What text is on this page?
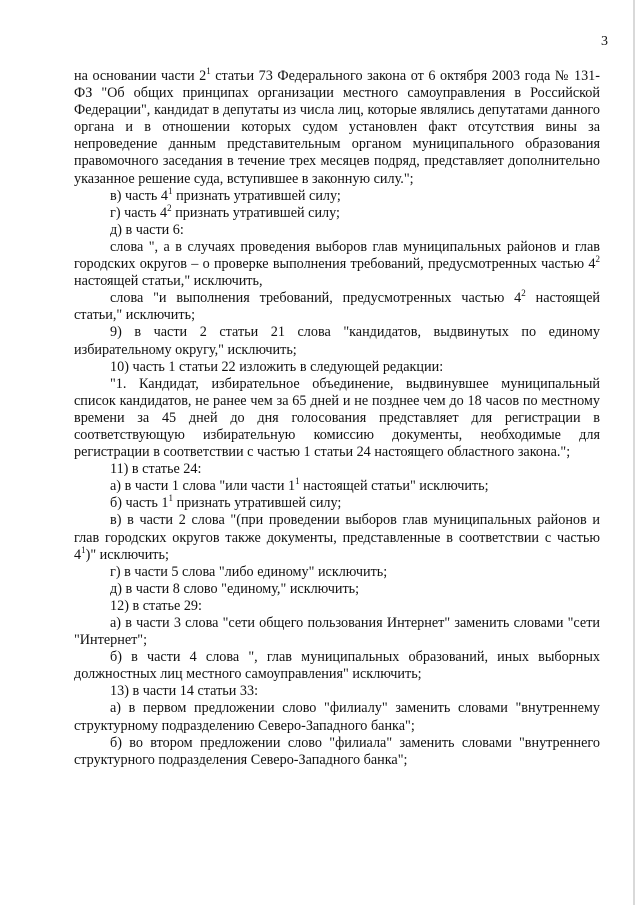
3

на основании части $2^1$ статьи 73 Федерального закона от 6 октября 2003 года № 131-ФЗ "Об общих принципах организации местного самоуправления в Российской Федерации", кандидат в депутаты из числа лиц, которые являлись депутатами данного органа и в отношении которых судом установлен факт отсутствия вины за непроведение данным представительным органом муниципального образования правомочного заседания в течение трех месяцев подряд, представляет дополнительно указанное решение суда, вступившее в законную силу.";

в) часть $4^1$ признать утратившей силу;

г) часть $4^2$ признать утратившей силу;

д) в части 6:

слова ", а в случаях проведения выборов глав муниципальных районов и глав городских округов – о проверке выполнения требований, предусмотренных частью $4^2$ настоящей статьи," исключить,

слова "и выполнения требований, предусмотренных частью $4^2$ настоящей статьи," исключить;

9) в части 2 статьи 21 слова "кандидатов, выдвинутых по единому избирательному округу," исключить;

10) часть 1 статьи 22 изложить в следующей редакции:

"1. Кандидат, избирательное объединение, выдвинувшее муниципальный список кандидатов, не ранее чем за 65 дней и не позднее чем до 18 часов по местному времени за 45 дней до дня голосования представляет для регистрации в соответствующую избирательную комиссию документы, необходимые для регистрации в соответствии с частью 1 статьи 24 настоящего областного закона.";

11) в статье 24:

а) в части 1 слова "или части $1^1$ настоящей статьи" исключить;

б) часть $1^1$ признать утратившей силу;

в) в части 2 слова "(при проведении выборов глав муниципальных районов и глав городских округов также документы, представленные в соответствии с частью $4^1$)" исключить;

г) в части 5 слова "либо единому" исключить;

д) в части 8 слово "единому," исключить;

12) в статье 29:

а) в части 3 слова "сети общего пользования Интернет" заменить словами "сети "Интернет";

б) в части 4 слова ", глав муниципальных образований, иных выборных должностных лиц местного самоуправления" исключить;

13) в части 14 статьи 33:

а) в первом предложении слово "филиалу" заменить словами "внутреннему структурному подразделению Северо-Западного банка";

б) во втором предложении слово "филиала" заменить словами "внутреннего структурного подразделения Северо-Западного банка";
